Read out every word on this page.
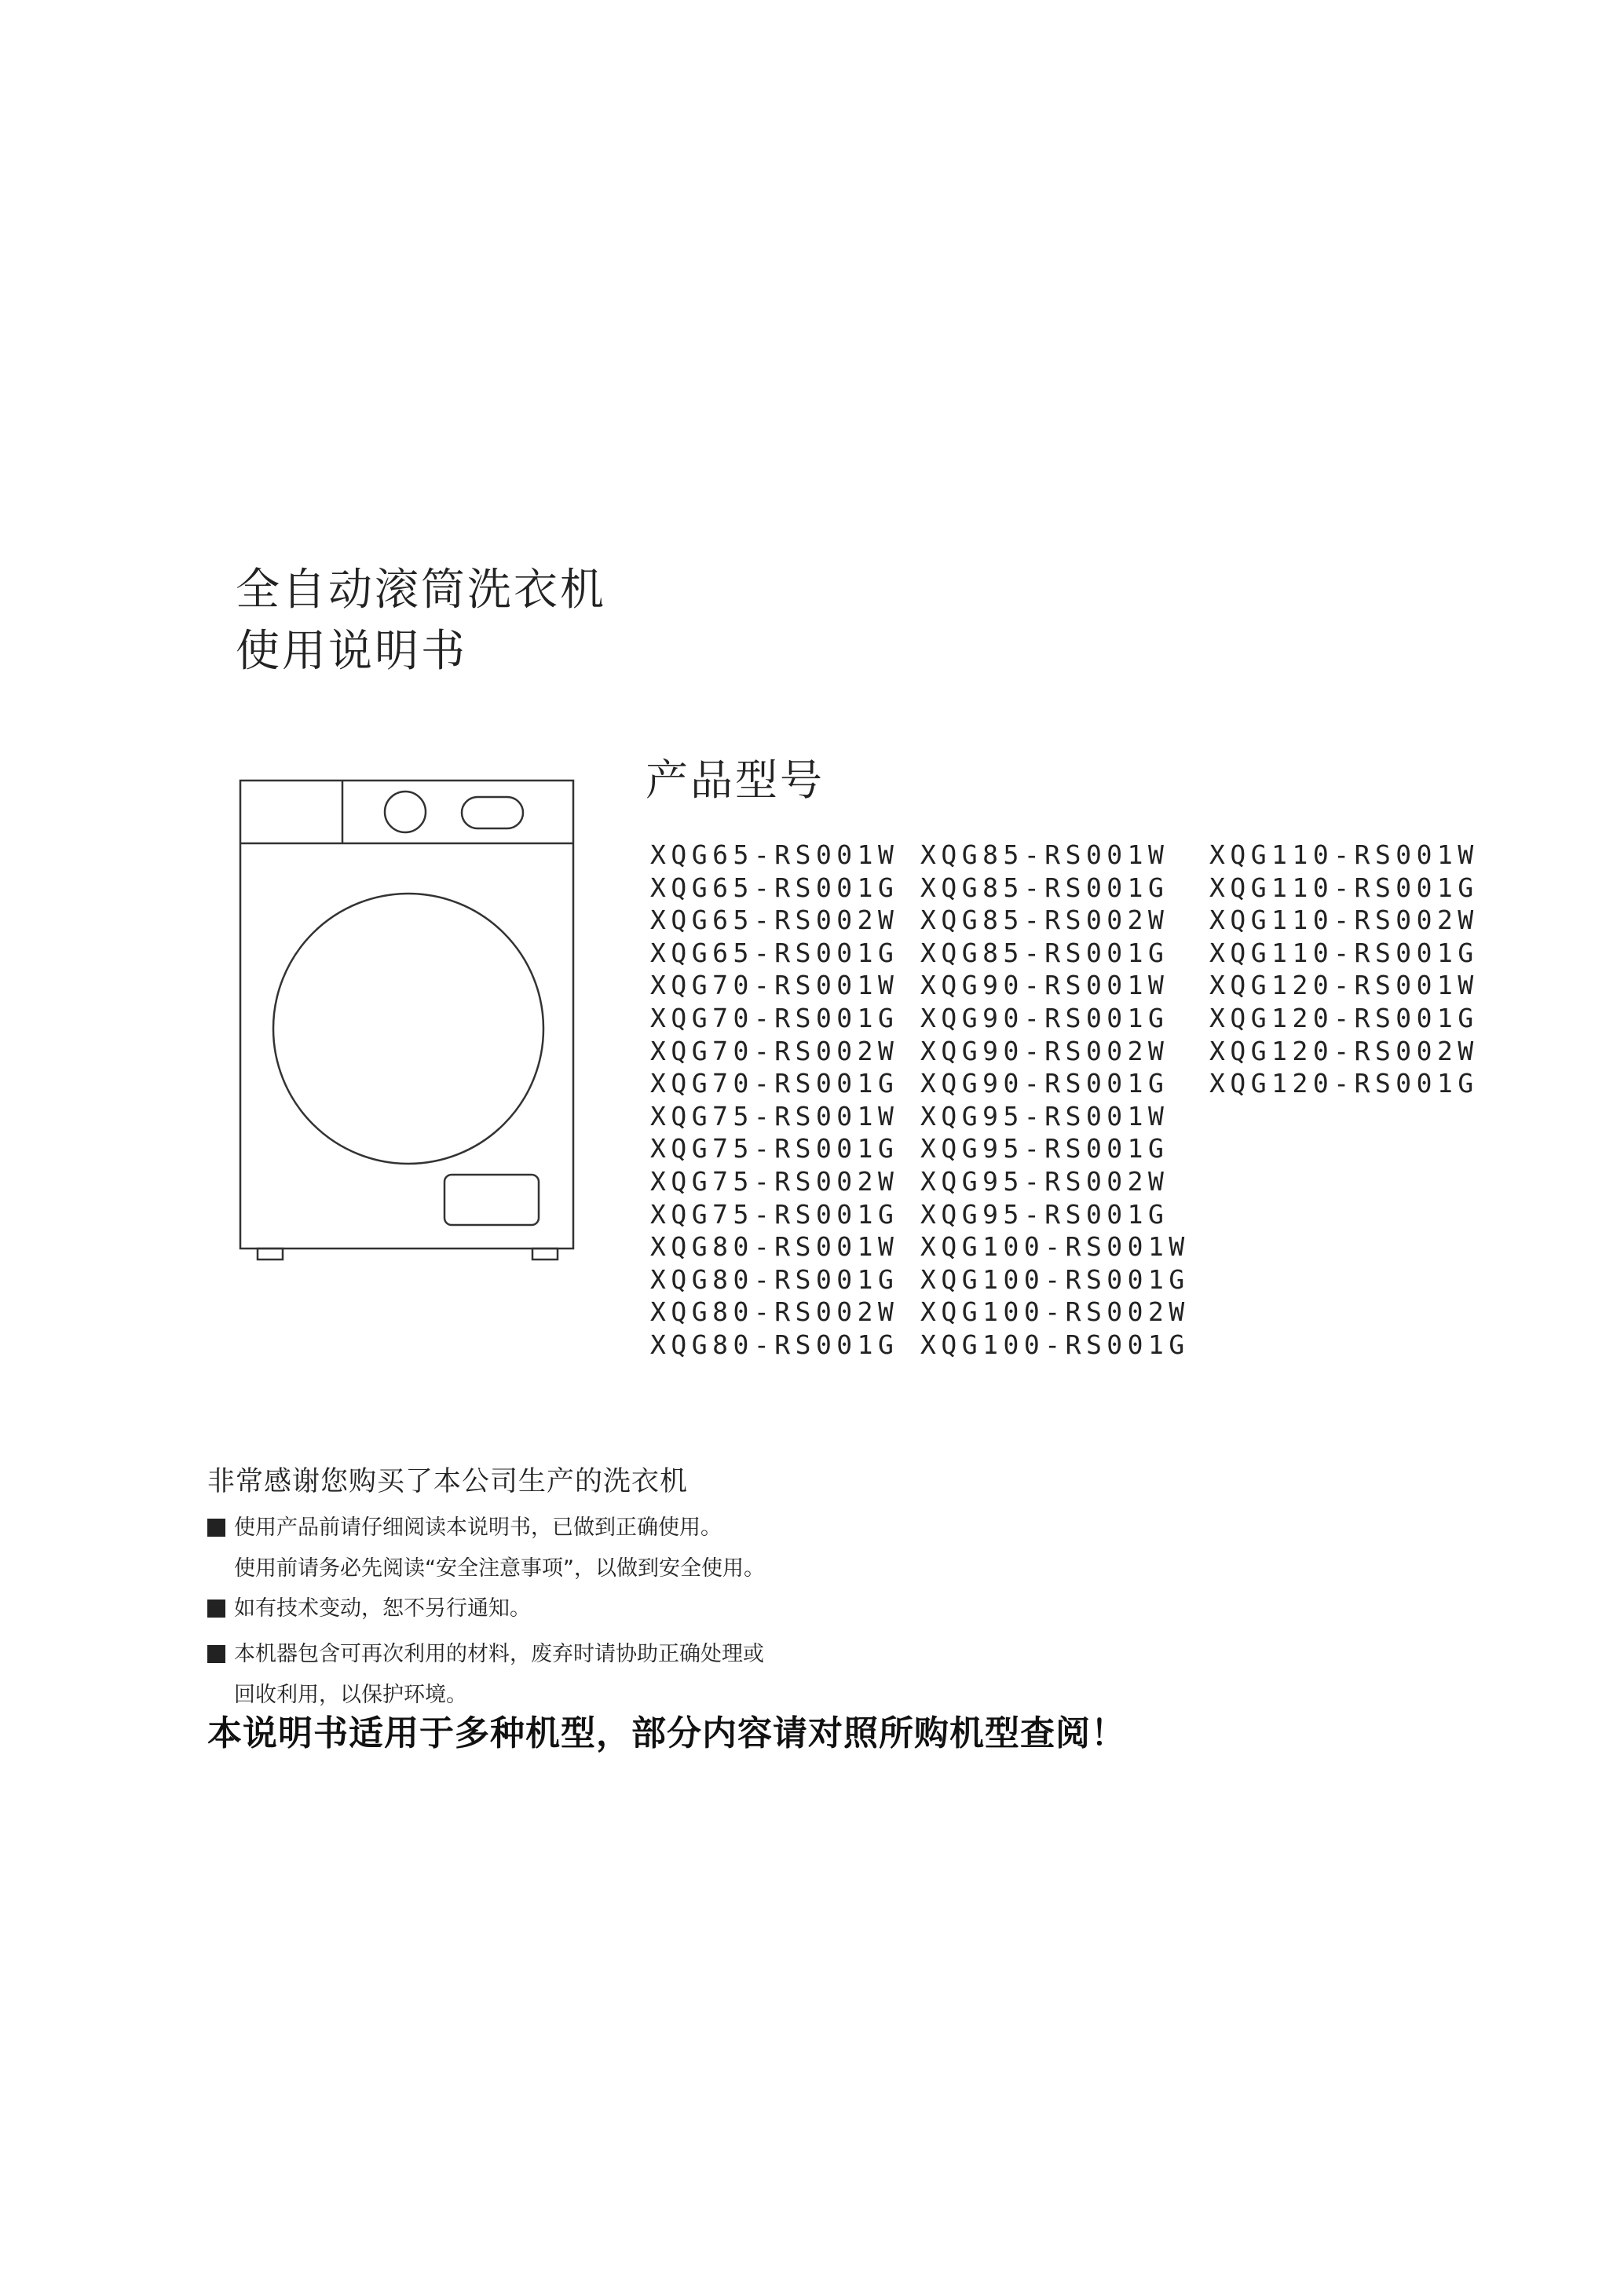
全自动滚筒洗衣机
使用说明书
产品型号
XQG65-RS001W
XQG65-RS001G
XQG65-RS002W
XQG65-RS001G
XQG70-RS001W
XQG70-RS001G
XQG70-RS002W
XQG70-RS001G
XQG75-RS001W
XQG75-RS001G
XQG75-RS002W
XQG75-RS001G
XQG80-RS001W
XQG80-RS001G
XQG80-RS002W
XQG80-RS001G
XQG85-RS001W
XQG85-RS001G
XQG85-RS002W
XQG85-RS001G
XQG90-RS001W
XQG90-RS001G
XQG90-RS002W
XQG90-RS001G
XQG95-RS001W
XQG95-RS001G
XQG95-RS002W
XQG95-RS001G
XQG100-RS001W
XQG100-RS001G
XQG100-RS002W
XQG100-RS001G
XQG110-RS001W
XQG110-RS001G
XQG110-RS002W
XQG110-RS001G
XQG120-RS001W
XQG120-RS001G
XQG120-RS002W
XQG120-RS001G

非常感谢您购买了本公司生产的洗衣机

使用产品前请仔细阅读本说明书，已做到正确使用。
使用前请务必先阅读“安全注意事项”，以做到安全使用。
如有技术变动，恕不另行通知。
本机器包含可再次利用的材料，废弃时请协助正确处理或
回收利用，以保护环境。

本说明书适用于多种机型，部分内容请对照所购机型查阅！
